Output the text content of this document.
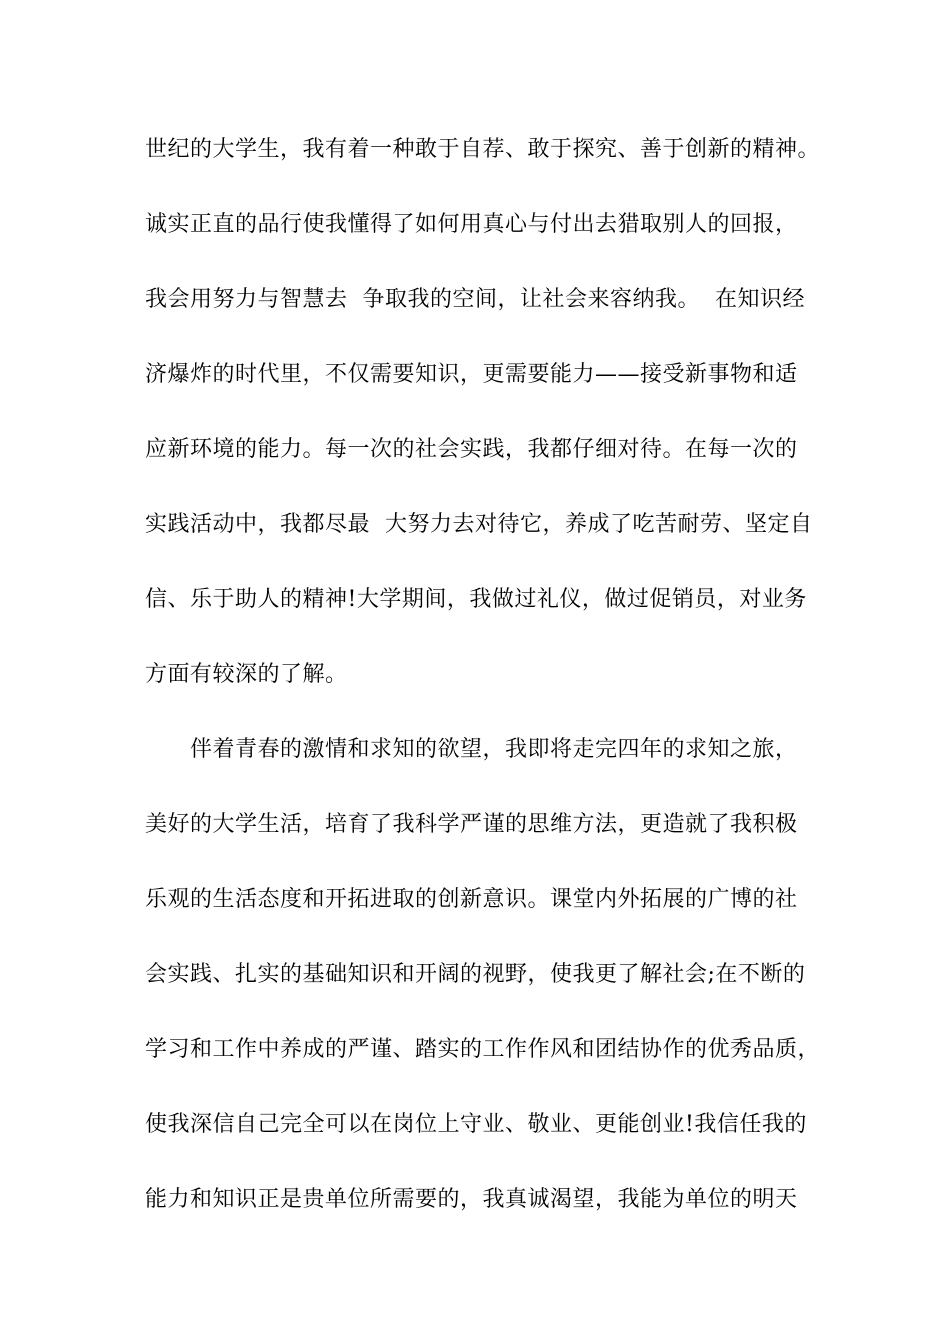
世纪的大学生，我有着一种敢于自荐、敢于探究、善于创新的精神。
诚实正直的品行使我懂得了如何用真心与付出去猎取别人的回报，
我会用努力与智慧去  争取我的空间，让社会来容纳我。  在知识经
济爆炸的时代里，不仅需要知识，更需要能力——接受新事物和适
应新环境的能力。每一次的社会实践，我都仔细对待。在每一次的
实践活动中，我都尽最  大努力去对待它，养成了吃苦耐劳、坚定自
信、乐于助人的精神!大学期间，我做过礼仪，做过促销员，对业务
方面有较深的了解。
伴着青春的激情和求知的欲望，我即将走完四年的求知之旅，
美好的大学生活，培育了我科学严谨的思维方法，更造就了我积极
乐观的生活态度和开拓进取的创新意识。课堂内外拓展的广博的社
会实践、扎实的基础知识和开阔的视野，使我更了解社会;在不断的
学习和工作中养成的严谨、踏实的工作作风和团结协作的优秀品质，
使我深信自己完全可以在岗位上守业、敬业、更能创业!我信任我的
能力和知识正是贵单位所需要的，我真诚渴望，我能为单位的明天
